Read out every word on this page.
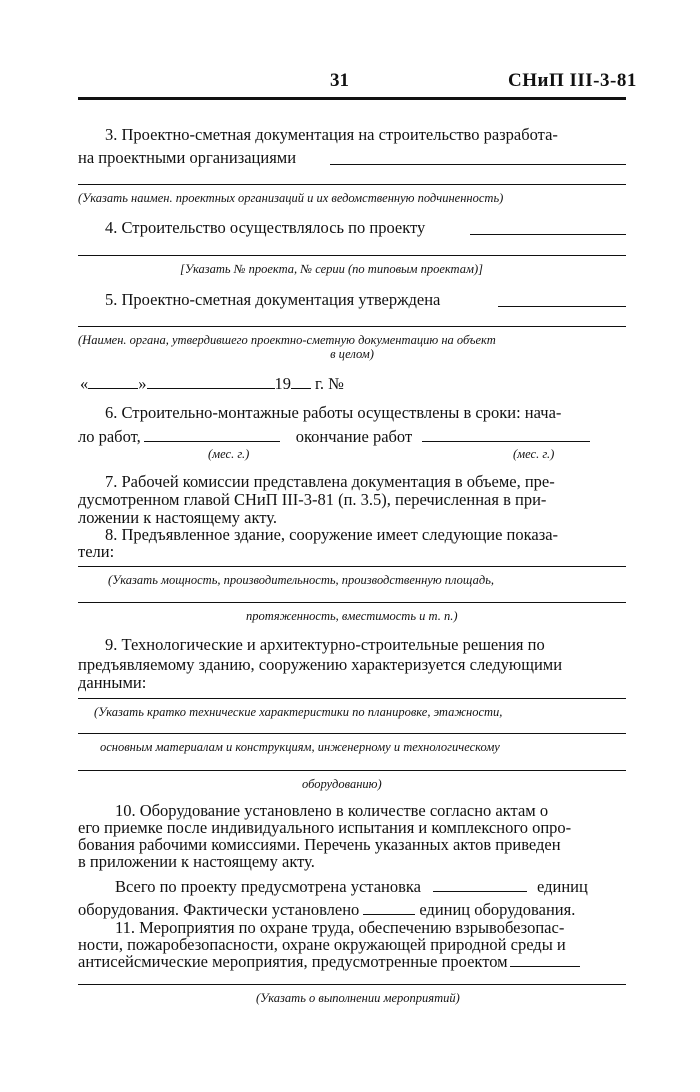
31	СНиП III-3-81
3. Проектно-сметная документация на строительство разработа-
на проектными организациями
(Указать наимен. проектных организаций и их ведомственную подчиненность)
4. Строительство осуществлялось по проекту
[Указать № проекта, № серии (по типовым проектам)]
5. Проектно-сметная документация утверждена
(Наимен. органа, утвердившего проектно-сметную документацию на объект
в целом)
«	»	19 г. №
6. Строительно-монтажные работы осуществлены в сроки: нача-
ло работ,	окончание работ
(мес. г.)	(мес. г.)
7. Рабочей комиссии представлена документация в объеме, пре-
дусмотренном главой СНиП III-3-81 (п. 3.5), перечисленная в при-
ложении к настоящему акту.
8. Предъявленное здание, сооружение имеет следующие показа-
тели:
(Указать мощность, производительность, производственную площадь,
протяженность, вместимость и т. п.)
9. Технологические и архитектурно-строительные решения по
предъявляемому зданию, сооружению характеризуется следующими
данными:
(Указать кратко технические характеристики по планировке, этажности,
основным материалам и конструкциям, инженерному и технологическому
оборудованию)
10. Оборудование установлено в количестве согласно актам о
его приемке после индивидуального испытания и комплексного опро-
бования рабочими комиссиями. Перечень указанных актов приведен
в приложении к настоящему акту.
Всего по проекту предусмотрена установка	единиц
оборудования. Фактически установлено	единиц оборудования.
11. Мероприятия по охране труда, обеспечению взрывобезопас-
ности, пожаробезопасности, охране окружающей природной среды и
антисейсмические мероприятия, предусмотренные проектом
(Указать о выполнении мероприятий)
